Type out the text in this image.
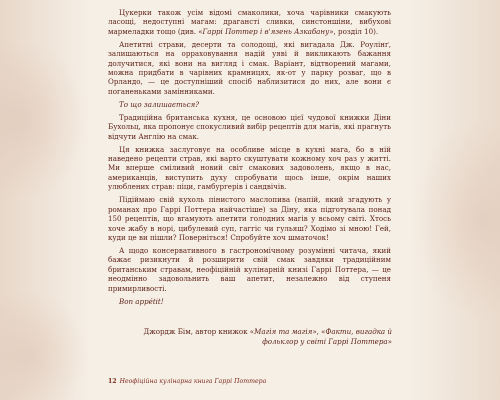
Цукерки також усім відомі смаколики, хоча чарівники смакують ласощі, недоступні магам: драгансті сливки, синстоншіни, вибухові мармеладки тощо (див. «Гаррі Поттер і в'язень Азкабану», розділ 10).

Апетитні страви, десерти та солодощі, які вигадала Дж. Роулінґ, залишаються на opраховування надій уяві й викликають бажання долучитися, які вони на вигляд і смак. Варіант, відтворений магами, можна придбати в чарівних крамницях, як-от у парку розваг, що в Орландо, — це доступніший спосіб наблизитися до них, але вони є поганеньками замінниками.

То що залишається?

Традиційна британська кухня, це основою цієї чудової книжки Діни Бухольц, яка пропонує спокусливий вибір рецептів для магів, які прагнуть відчути Англію на смак.

Ця книжка заслуговує на особливе місце в кухні мага, бо в ній наведено рецепти страв, які варто скуштувати кожному хоч раз у житті. Ми вперше сміливий новий світ смакових задоволень, якщо в нас, американців, виступить духу спробувати щось інше, окрім наших улюблених страв: піци, гамбургерів і сандвічів.

Підіймаю свій кухоль пінистого маслопива (напій, який згадують у романах про Гаррі Поттера найчастіше) за Діну, яка підготувала понад 150 рецептів, що вгамують апетити голодних магів у всьому світі. Хтось хоче жабу в норі, цибулевий суп, гаггіс чи гульяш? Ходімо зі мною! Гей, куди це ви пішли? Поверніться! Спробуйте хоч шматочок!

А щодо консервативного в гастрономічному розумінні читача, який бажає ризикнути й розширити свій смак завдяки традиційним британським стравам, неофіційній кулінарній книзі Гаррі Поттера, — це неодмінно задовольнить ваш апетит, незалежно від ступеня примирливості.

Bon appétit!

Джордж Бім, автор книжок «Магія та магія», «Факти, вигадка й фольклор у світі Гаррі Поттера»
12 Неофіційна кулінарна книга Гаррі Поттера
